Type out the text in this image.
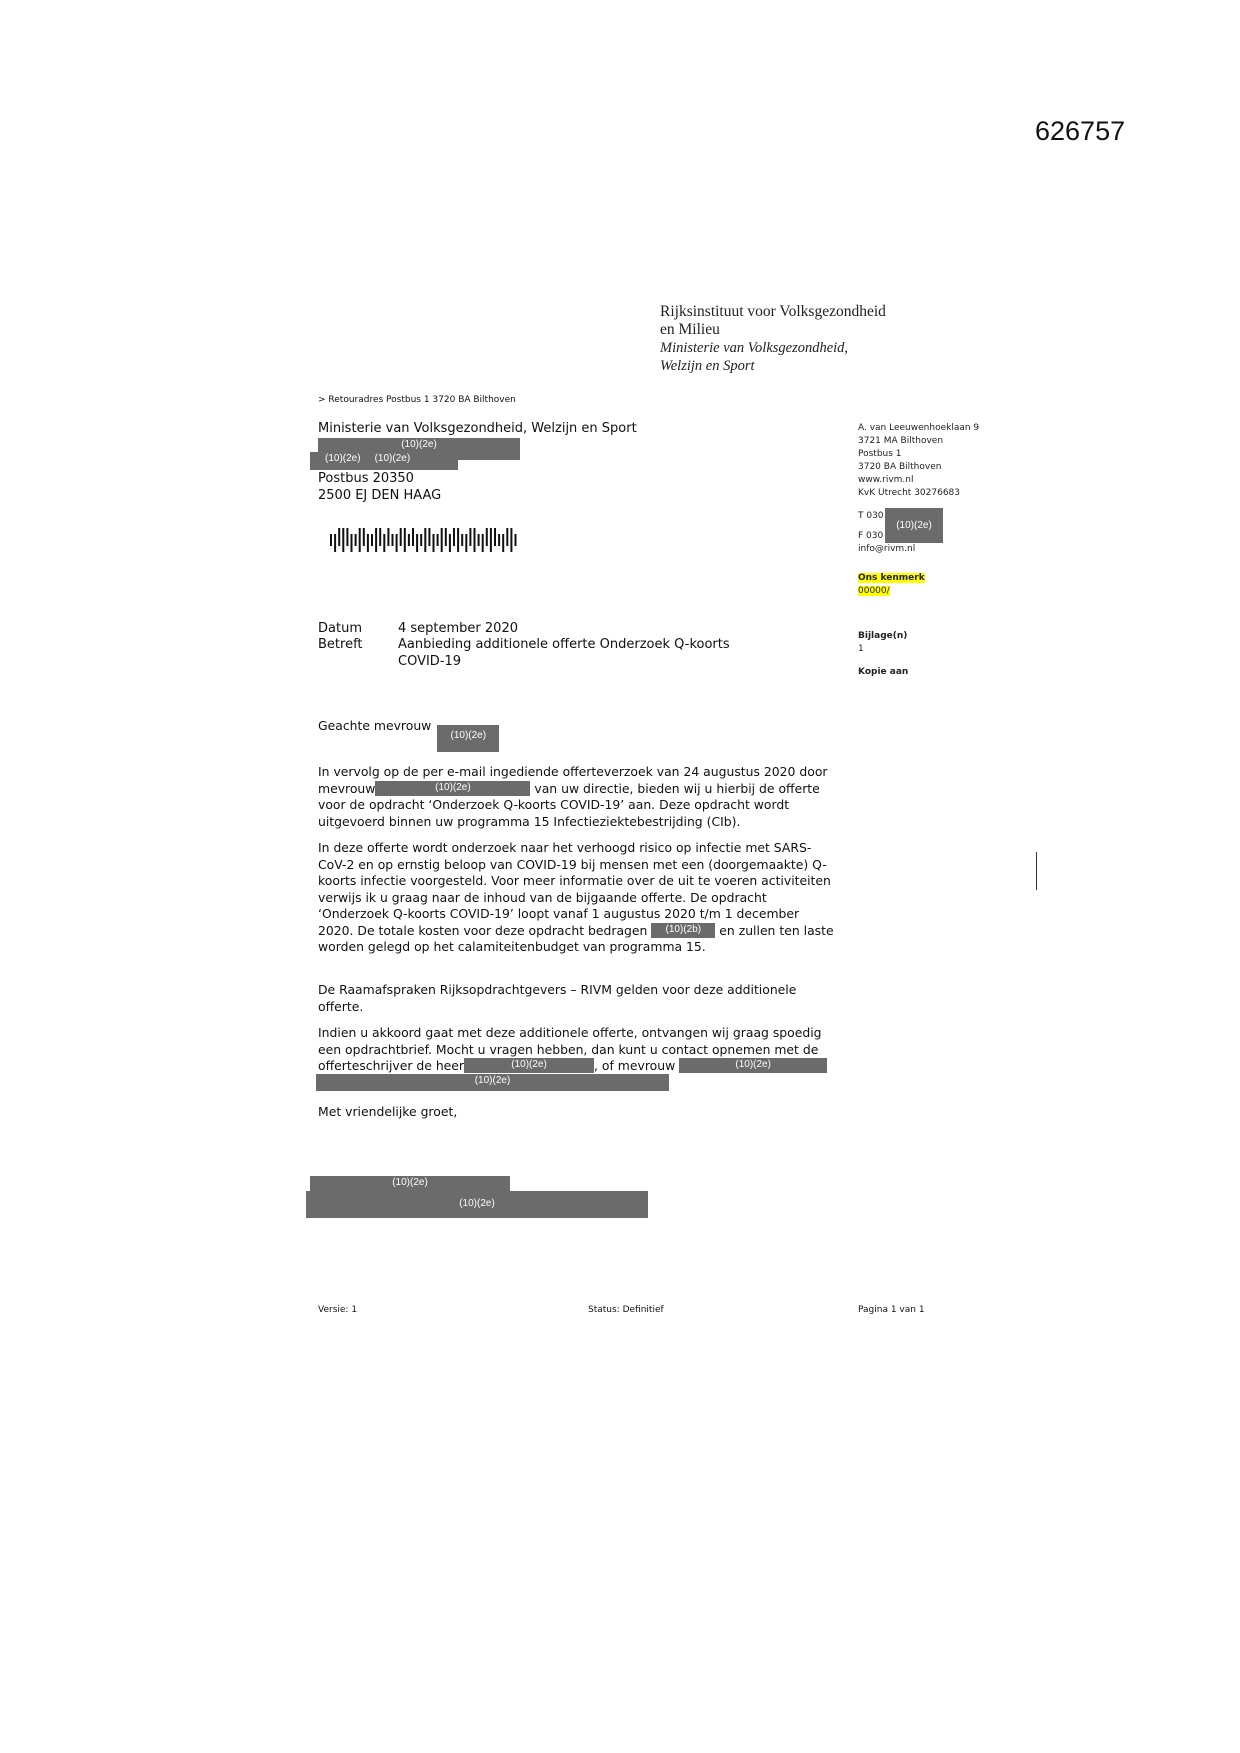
626757
Rijksinstituut voor Volksgezondheid
en Milieu
Ministerie van Volksgezondheid,
Welzijn en Sport
> Retouradres Postbus 1 3720 BA Bilthoven
Ministerie van Volksgezondheid, Welzijn en Sport
(10)(2e)
(10)(2e) (10)(2e)
Postbus 20350
2500 EJ DEN HAAG
A. van Leeuwenhoeklaan 9
3721 MA Bilthoven
Postbus 1
3720 BA Bilthoven
www.rivm.nl
KvK Utrecht 30276683
T 030
(10)(2e)
F 030
info@rivm.nl
Ons kenmerk
00000/
Bijlage(n)
1
Kopie aan
Datum	4 september 2020
Betreft	Aanbieding additionele offerte Onderzoek Q-koorts
COVID-19
Geachte mevrouw (10)(2e)

In vervolg op de per e-mail ingediende offerteverzoek van 24 augustus 2020 door

mevrouw	(10)(2e)	van uw directie, bieden wij u hierbij de offerte

voor de opdracht ‘Onderzoek Q-koorts COVID-19’ aan. Deze opdracht wordt

uitgevoerd binnen uw programma 15 Infectieziektebestrijding (CIb).

In deze offerte wordt onderzoek naar het verhoogd risico op infectie met SARS-

CoV-2 en op ernstig beloop van COVID-19 bij mensen met een (doorgemaakte) Q-

koorts infectie voorgesteld. Voor meer informatie over de uit te voeren activiteiten

verwijs ik u graag naar de inhoud van de bijgaande offerte. De opdracht

‘Onderzoek Q-koorts COVID-19’ loopt vanaf 1 augustus 2020 t/m 1 december

2020. De totale kosten voor deze opdracht bedragen (10)(2b) en zullen ten laste

worden gelegd op het calamiteitenbudget van programma 15.

De Raamafspraken Rijksopdrachtgevers – RIVM gelden voor deze additionele

offerte.

Indien u akkoord gaat met deze additionele offerte, ontvangen wij graag spoedig

een opdrachtbrief. Mocht u vragen hebben, dan kunt u contact opnemen met de

offerteschrijver de heer	(10)(2e)	, of mevrouw	(10)(2e)

(10)(2e)
Met vriendelijke groet,
(10)(2e)
(10)(2e)
Versie: 1	Status: Definitief	Pagina 1 van 1
